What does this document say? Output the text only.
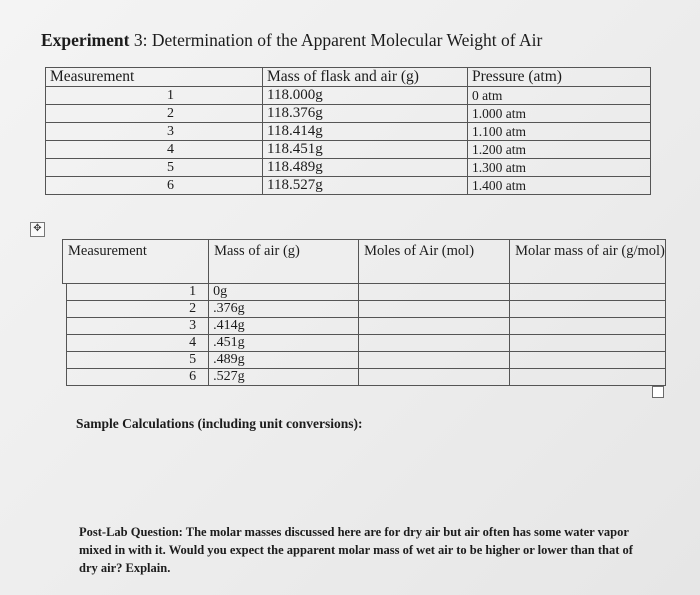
Experiment 3: Determination of the Apparent Molecular Weight of Air
Measurement	Mass of flask and air (g)	Pressure (atm)
1	118.000g	0 atm
2	118.376g	1.000 atm
3	118.414g	1.100 atm
4	118.451g	1.200 atm
5	118.489g	1.300 atm
6	118.527g	1.400 atm
✥
Measurement		Mass of air (g)	Moles of Air (mol)	Molar mass of air (g/mol)
	1	0g		
	2	.376g		
	3	.414g		
	4	.451g		
	5	.489g		
	6	.527g		
Sample Calculations (including unit conversions):
Post-Lab Question: The molar masses discussed here are for dry air but air often has some water vapor mixed in with it. Would you expect the apparent molar mass of wet air to be higher or lower than that of dry air? Explain.
